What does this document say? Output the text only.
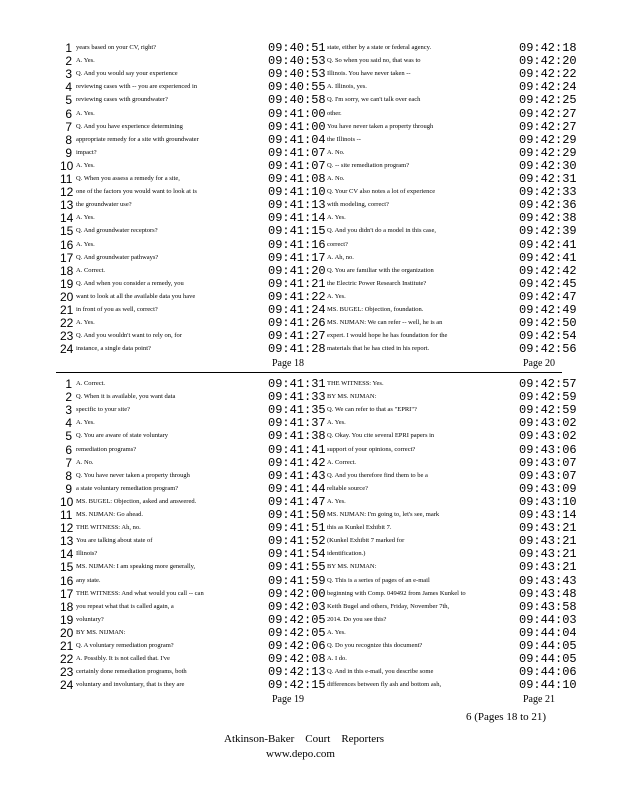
1 years based on your CV, right?	09:40:51
2 A. Yes.	09:40:53
3 Q. And you would say your experience	09:40:53
4 reviewing cases with -- you are experienced in	09:40:55
5 reviewing cases with groundwater?	09:40:58
6 A. Yes.	09:41:00
7 Q. And you have experience determining	09:41:00
8 appropriate remedy for a site with groundwater	09:41:04
9 impact?	09:41:07
10 A. Yes.	09:41:07
11 Q. When you assess a remedy for a site,	09:41:08
12 one of the factors you would want to look at is	09:41:10
13 the groundwater use?	09:41:13
14 A. Yes.	09:41:14
15 Q. And groundwater receptors?	09:41:15
16 A. Yes.	09:41:16
17 Q. And groundwater pathways?	09:41:17
18 A. Correct.	09:41:20
19 Q. And when you consider a remedy, you	09:41:21
20 want to look at all the available data you have	09:41:22
21 in front of you as well, correct?	09:41:24
22 A. Yes.	09:41:26
23 Q. And you wouldn't want to rely on, for	09:41:27
24 instance, a single data point?	09:41:28
Page 18
state, either by a state or federal agency.	09:42:18
Q. So when you said no, that was to	09:42:20
Illinois. You have never taken --	09:42:22
A. Illinois, yes.	09:42:24
Q. I'm sorry, we can't talk over each	09:42:25
other.	09:42:27
You have never taken a property through	09:42:27
the Illinois --	09:42:29
A. No.	09:42:29
Q. -- site remediation program?	09:42:30
A. No.	09:42:31
Q. Your CV also notes a lot of experience	09:42:33
with modeling, correct?	09:42:36
A. Yes.	09:42:38
Q. And you didn't do a model in this case,	09:42:39
correct?	09:42:41
A. Ah, no.	09:42:41
Q. You are familiar with the organization	09:42:42
the Electric Power Research Institute?	09:42:45
A. Yes.	09:42:47
MS. BUGEL: Objection, foundation.	09:42:49
MS. NIJMAN: We can refer -- well, he is an	09:42:50
expert. I would hope he has foundation for the	09:42:54
materials that he has cited in his report.	09:42:56
Page 20
1 A. Correct.	09:41:31
2 Q. When it is available, you want data	09:41:33
3 specific to your site?	09:41:35
4 A. Yes.	09:41:37
5 Q. You are aware of state voluntary	09:41:38
6 remediation programs?	09:41:41
7 A. No.	09:41:42
8 Q. You have never taken a property through	09:41:43
9 a state voluntary remediation program?	09:41:44
10 MS. BUGEL: Objection, asked and answered.	09:41:47
11 MS. NIJMAN: Go ahead.	09:41:50
12 THE WITNESS: Ah, no.	09:41:51
13 You are talking about state of	09:41:52
14 Illinois?	09:41:54
15 MS. NIJMAN: I am speaking more generally,	09:41:55
16 any state.	09:41:59
17 THE WITNESS: And what would you call -- can	09:42:00
18 you repeat what that is called again, a	09:42:03
19 voluntary?	09:42:05
20 BY MS. NIJMAN:	09:42:05
21 Q. A voluntary remediation program?	09:42:06
22 A. Possibly. It is not called that. I've	09:42:08
23 certainly done remediation programs, both	09:42:13
24 voluntary and involuntary, that is they are	09:42:15
Page 19
THE WITNESS: Yes.	09:42:57
BY MS. NIJMAN:	09:42:59
Q. We can refer to that as "EPRI"?	09:42:59
A. Yes.	09:43:02
Q. Okay. You cite several EPRI papers in	09:43:02
support of your opinions, correct?	09:43:06
A. Correct.	09:43:07
Q. And you therefore find them to be a	09:43:07
reliable source?	09:43:09
A. Yes.	09:43:10
MS. NIJMAN: I'm going to, let's see, mark	09:43:14
this as Kunkel Exhibit 7.	09:43:21
(Kunkel Exhibit 7 marked for	09:43:21
identification.)	09:43:21
BY MS. NIJMAN:	09:43:21
Q. This is a series of pages of an e-mail	09:43:43
beginning with Comp. 049492 from James Kunkel to	09:43:48
Keith Bugel and others, Friday, November 7th,	09:43:58
2014. Do you see this?	09:44:03
A. Yes.	09:44:04
Q. Do you recognize this document?	09:44:05
A. I do.	09:44:05
Q. And in this e-mail, you describe some	09:44:06
differences between fly ash and bottom ash,	09:44:10
Page 21
6 (Pages 18 to 21)
Atkinson-Baker    Court    Reporters
www.depo.com
